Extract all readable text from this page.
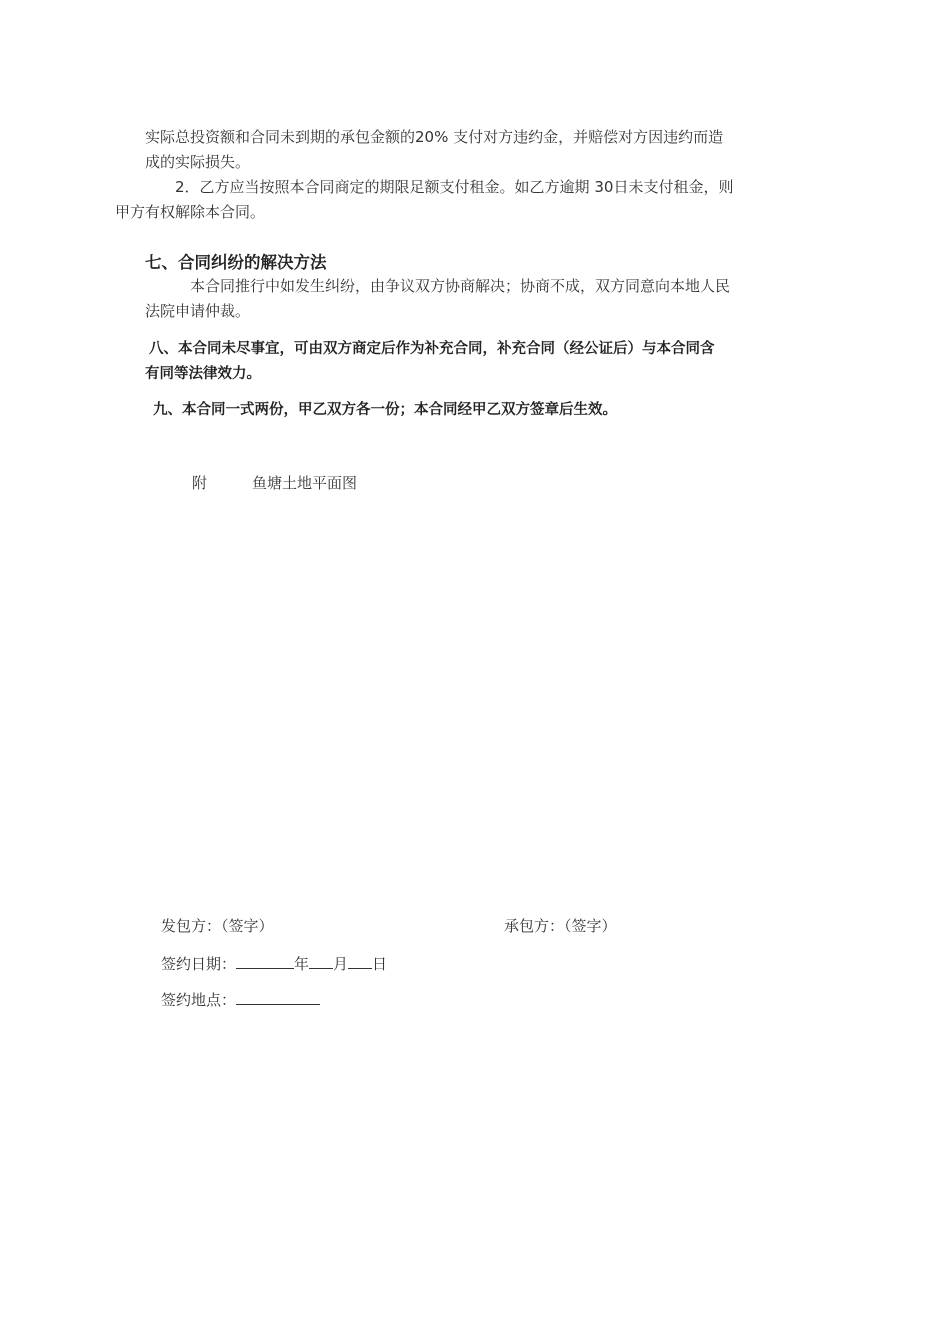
实际总投资额和合同未到期的承包金额的20% 支付对方违约金，并赔偿对方因违约而造
成的实际损失。

2．乙方应当按照本合同商定的期限足额支付租金。如乙方逾期 30日未支付租金，则
甲方有权解除本合同。

七、合同纠纷的解决方法

本合同推行中如发生纠纷，由争议双方协商解决；协商不成，双方同意向本地人民
法院申请仲裁。

八、本合同未尽事宜，可由双方商定后作为补充合同，补充合同（经公证后）与本合同含
有同等法律效力。

九、本合同一式两份，甲乙双方各一份；本合同经甲乙双方签章后生效。

附	鱼塘土地平面图
发包方：（签字）	承包方：（签字）
签约日期：	年 月 日
签约地点：
